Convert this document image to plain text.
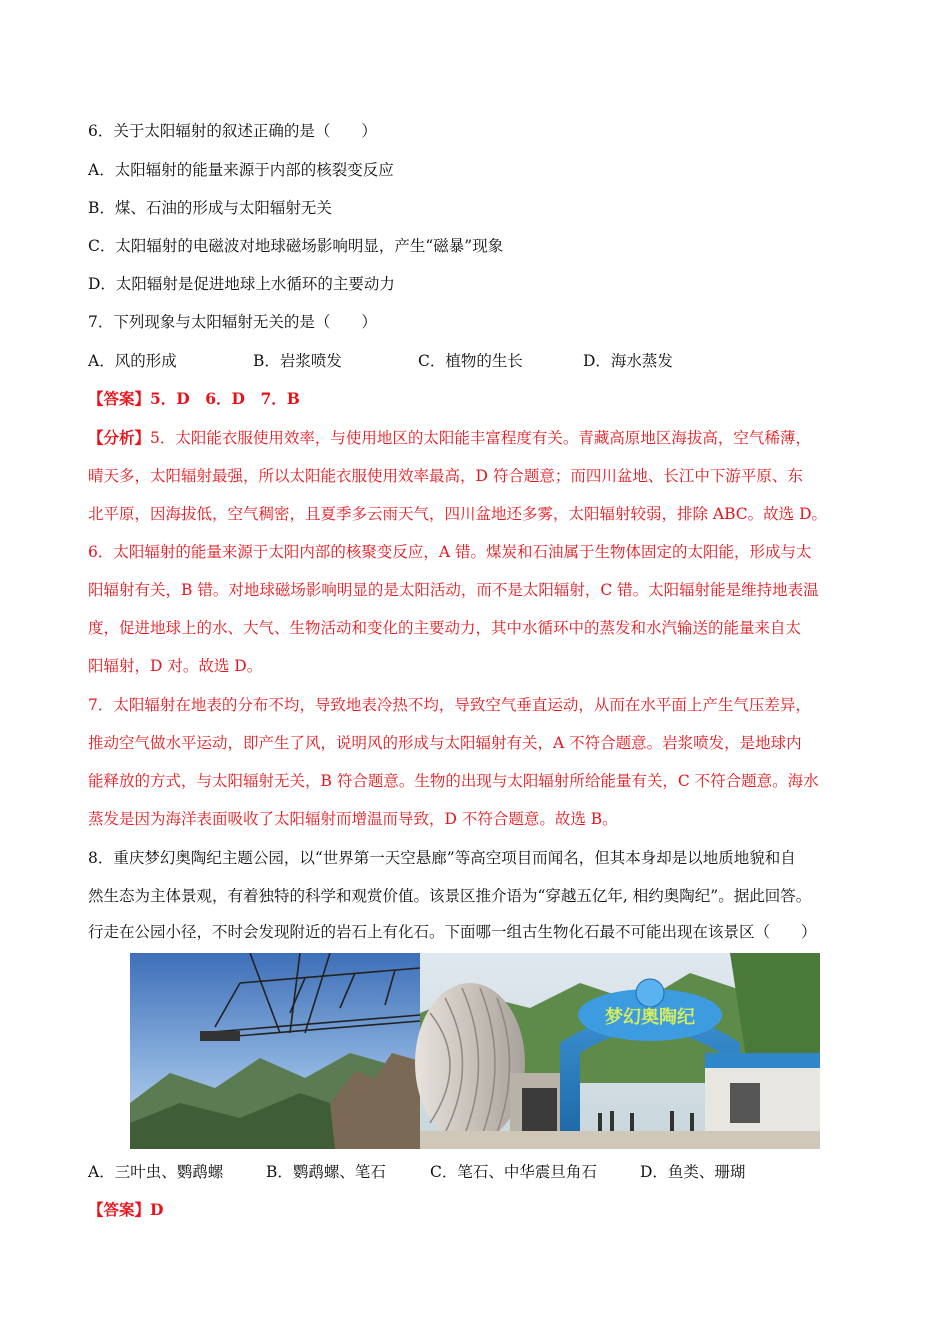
6．关于太阳辐射的叙述正确的是（　　）
A．太阳辐射的能量来源于内部的核裂变反应
B．煤、石油的形成与太阳辐射无关
C．太阳辐射的电磁波对地球磁场影响明显，产生“磁暴”现象
D．太阳辐射是促进地球上水循环的主要动力
7．下列现象与太阳辐射无关的是（　　）
A．风的形成	B．岩浆喷发	C．植物的生长	D．海水蒸发
【答案】5．D　6．D　7．B
【分析】5．太阳能衣服使用效率，与使用地区的太阳能丰富程度有关。青藏高原地区海拔高，空气稀薄，
晴天多，太阳辐射最强，所以太阳能衣服使用效率最高，D 符合题意；而四川盆地、长江中下游平原、东
北平原，因海拔低，空气稠密，且夏季多云雨天气，四川盆地还多雾，太阳辐射较弱，排除 ABC。故选 D。
6．太阳辐射的能量来源于太阳内部的核聚变反应，A 错。煤炭和石油属于生物体固定的太阳能，形成与太
阳辐射有关，B 错。对地球磁场影响明显的是太阳活动，而不是太阳辐射，C 错。太阳辐射能是维持地表温
度，促进地球上的水、大气、生物活动和变化的主要动力，其中水循环中的蒸发和水汽输送的能量来自太
阳辐射，D 对。故选 D。
7．太阳辐射在地表的分布不均，导致地表冷热不均，导致空气垂直运动，从而在水平面上产生气压差异，
推动空气做水平运动，即产生了风，说明风的形成与太阳辐射有关，A 不符合题意。岩浆喷发，是地球内
能释放的方式，与太阳辐射无关，B 符合题意。生物的出现与太阳辐射所给能量有关，C 不符合题意。海水
蒸发是因为海洋表面吸收了太阳辐射而增温而导致，D 不符合题意。故选 B。
8．重庆梦幻奥陶纪主题公园，以“世界第一天空悬廊”等高空项目而闻名，但其本身却是以地质地貌和自
然生态为主体景观，有着独特的科学和观赏价值。该景区推介语为“穿越五亿年, 相约奥陶纪”。据此回答。
行走在公园小径，不时会发现附近的岩石上有化石。下面哪一组古生物化石最不可能出现在该景区（　　）
梦幻奥陶纪
A．三叶虫、鹦鹉螺	B．鹦鹉螺、笔石	C．笔石、中华震旦角石	D．鱼类、珊瑚
【答案】D
